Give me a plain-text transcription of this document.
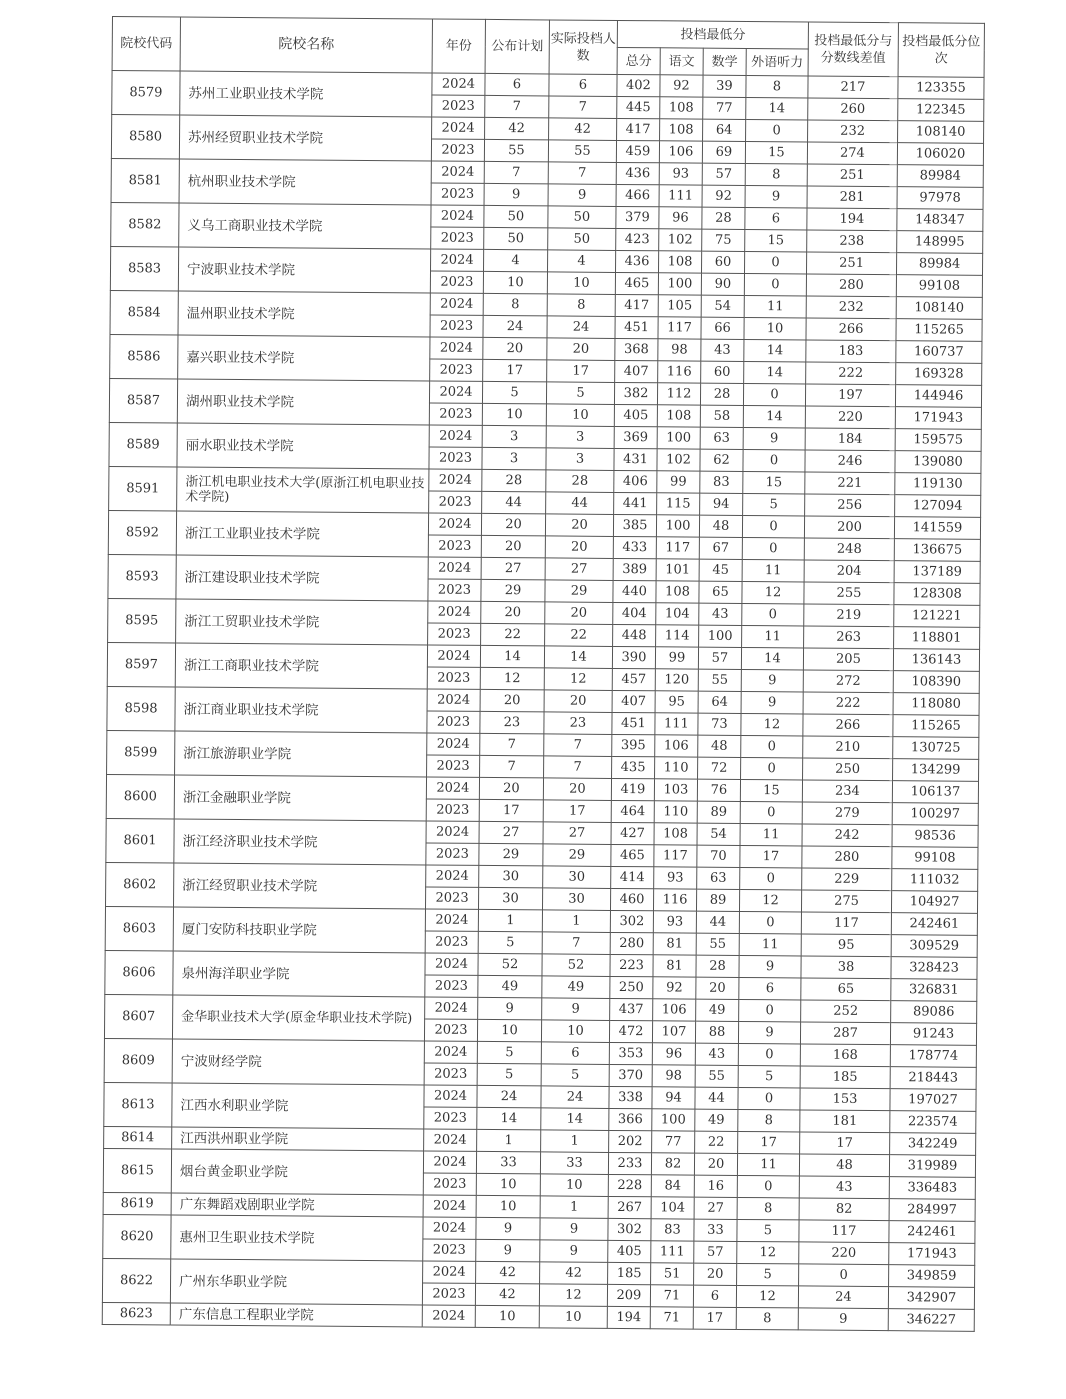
院校代码	院校名称	年份	公布计划	实际投档人数	投档最低分				投档最低分与分数线差值	投档最低分位次
					总分	语文	数学	外语听力		
8579	苏州工业职业技术学院	2024	6	6	402	92	39	8	217	123355
		2023	7	7	445	108	77	14	260	122345
8580	苏州经贸职业技术学院	2024	42	42	417	108	64	0	232	108140
		2023	55	55	459	106	69	15	274	106020
8581	杭州职业技术学院	2024	7	7	436	93	57	8	251	89984
		2023	9	9	466	111	92	9	281	97978
8582	义乌工商职业技术学院	2024	50	50	379	96	28	6	194	148347
		2023	50	50	423	102	75	15	238	148995
8583	宁波职业技术学院	2024	4	4	436	108	60	0	251	89984
		2023	10	10	465	100	90	0	280	99108
8584	温州职业技术学院	2024	8	8	417	105	54	11	232	108140
		2023	24	24	451	117	66	10	266	115265
8586	嘉兴职业技术学院	2024	20	20	368	98	43	14	183	160737
		2023	17	17	407	116	60	14	222	169328
8587	湖州职业技术学院	2024	5	5	382	112	28	0	197	144946
		2023	10	10	405	108	58	14	220	171943
8589	丽水职业技术学院	2024	3	3	369	100	63	9	184	159575
		2023	3	3	431	102	62	0	246	139080
8591	浙江机电职业技术大学(原浙江机电职业技术学院)	2024	28	28	406	99	83	15	221	119130
		2023	44	44	441	115	94	5	256	127094
8592	浙江工业职业技术学院	2024	20	20	385	100	48	0	200	141559
		2023	20	20	433	117	67	0	248	136675
8593	浙江建设职业技术学院	2024	27	27	389	101	45	11	204	137189
		2023	29	29	440	108	65	12	255	128308
8595	浙江工贸职业技术学院	2024	20	20	404	104	43	0	219	121221
		2023	22	22	448	114	100	11	263	118801
8597	浙江工商职业技术学院	2024	14	14	390	99	57	14	205	136143
		2023	12	12	457	120	55	9	272	108390
8598	浙江商业职业技术学院	2024	20	20	407	95	64	9	222	118080
		2023	23	23	451	111	73	12	266	115265
8599	浙江旅游职业学院	2024	7	7	395	106	48	0	210	130725
		2023	7	7	435	110	72	0	250	134299
8600	浙江金融职业学院	2024	20	20	419	103	76	15	234	106137
		2023	17	17	464	110	89	0	279	100297
8601	浙江经济职业技术学院	2024	27	27	427	108	54	11	242	98536
		2023	29	29	465	117	70	17	280	99108
8602	浙江经贸职业技术学院	2024	30	30	414	93	63	0	229	111032
		2023	30	30	460	116	89	12	275	104927
8603	厦门安防科技职业学院	2024	1	1	302	93	44	0	117	242461
		2023	5	7	280	81	55	11	95	309529
8606	泉州海洋职业学院	2024	52	52	223	81	28	9	38	328423
		2023	49	49	250	92	20	6	65	326831
8607	金华职业技术大学(原金华职业技术学院)	2024	9	9	437	106	49	0	252	89086
		2023	10	10	472	107	88	9	287	91243
8609	宁波财经学院	2024	5	6	353	96	43	0	168	178774
		2023	5	5	370	98	55	5	185	218443
8613	江西水利职业学院	2024	24	24	338	94	44	0	153	197027
		2023	14	14	366	100	49	8	181	223574
8614	江西洪州职业学院	2024	1	1	202	77	22	17	17	342249
8615	烟台黄金职业学院	2024	33	33	233	82	20	11	48	319989
		2023	10	10	228	84	16	0	43	336483
8619	广东舞蹈戏剧职业学院	2024	10	1	267	104	27	8	82	284997
8620	惠州卫生职业技术学院	2024	9	9	302	83	33	5	117	242461
		2023	9	9	405	111	57	12	220	171943
8622	广州东华职业学院	2024	42	42	185	51	20	5	0	349859
		2023	42	12	209	71	6	12	24	342907
8623	广东信息工程职业学院	2024	10	10	194	71	17	8	9	346227
